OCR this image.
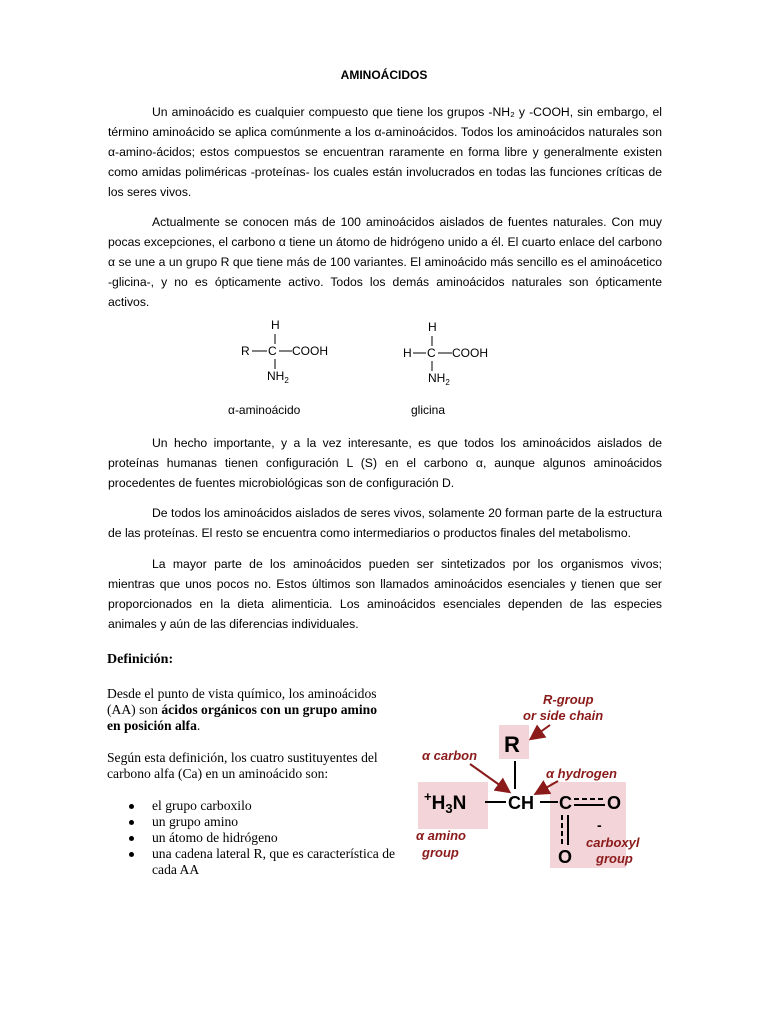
AMINOÁCIDOS

Un aminoácido es cualquier compuesto que tiene los grupos -NH₂ y -COOH, sin embargo, el término aminoácido se aplica comúnmente a los α-aminoácidos. Todos los aminoácidos naturales son α-amino-ácidos; estos compuestos se encuentran raramente en forma libre y generalmente existen como amidas poliméricas -proteínas- los cuales están involucrados en todas las funciones críticas de los seres vivos.

Actualmente se conocen más de 100 aminoácidos aislados de fuentes naturales. Con muy pocas excepciones, el carbono α tiene un átomo de hidrógeno unido a él. El cuarto enlace del carbono α se une a un grupo R que tiene más de 100 variantes. El aminoácido más sencillo es el aminoácetico -glicina-, y no es ópticamente activo. Todos los demás aminoácidos naturales son ópticamente activos.

H
R C COOH
$NH_2$
H
H C COOH
$NH_2$
α-aminoácido	glicina

Un hecho importante, y a la vez interesante, es que todos los aminoácidos aislados de proteínas humanas tienen configuración L (S) en el carbono α, aunque algunos aminoácidos procedentes de fuentes microbiológicas son de configuración D.

De todos los aminoácidos aislados de seres vivos, solamente 20 forman parte de la estructura de las proteínas. El resto se encuentra como intermediarios o productos finales del metabolismo.

La mayor parte de los aminoácidos pueden ser sintetizados por los organismos vivos; mientras que unos pocos no. Estos últimos son llamados aminoácidos esenciales y tienen que ser proporcionados en la dieta alimenticia. Los aminoácidos esenciales dependen de las especies animales y aún de las diferencias individuales.

Definición:

Desde el punto de vista químico, los aminoácidos (AA) son ácidos orgánicos con un grupo amino en posición alfa.

Según esta definición, los cuatro sustituyentes del carbono alfa (Ca) en un aminoácido son:

el grupo carboxilo
un grupo amino
un átomo de hidrógeno
una cadena lateral R, que es característica de cada AA
R-group
or side chain
α carbon
α hydrogen
R
$^+H_3N$ CH C O
O
-
α amino
group
carboxyl
group
